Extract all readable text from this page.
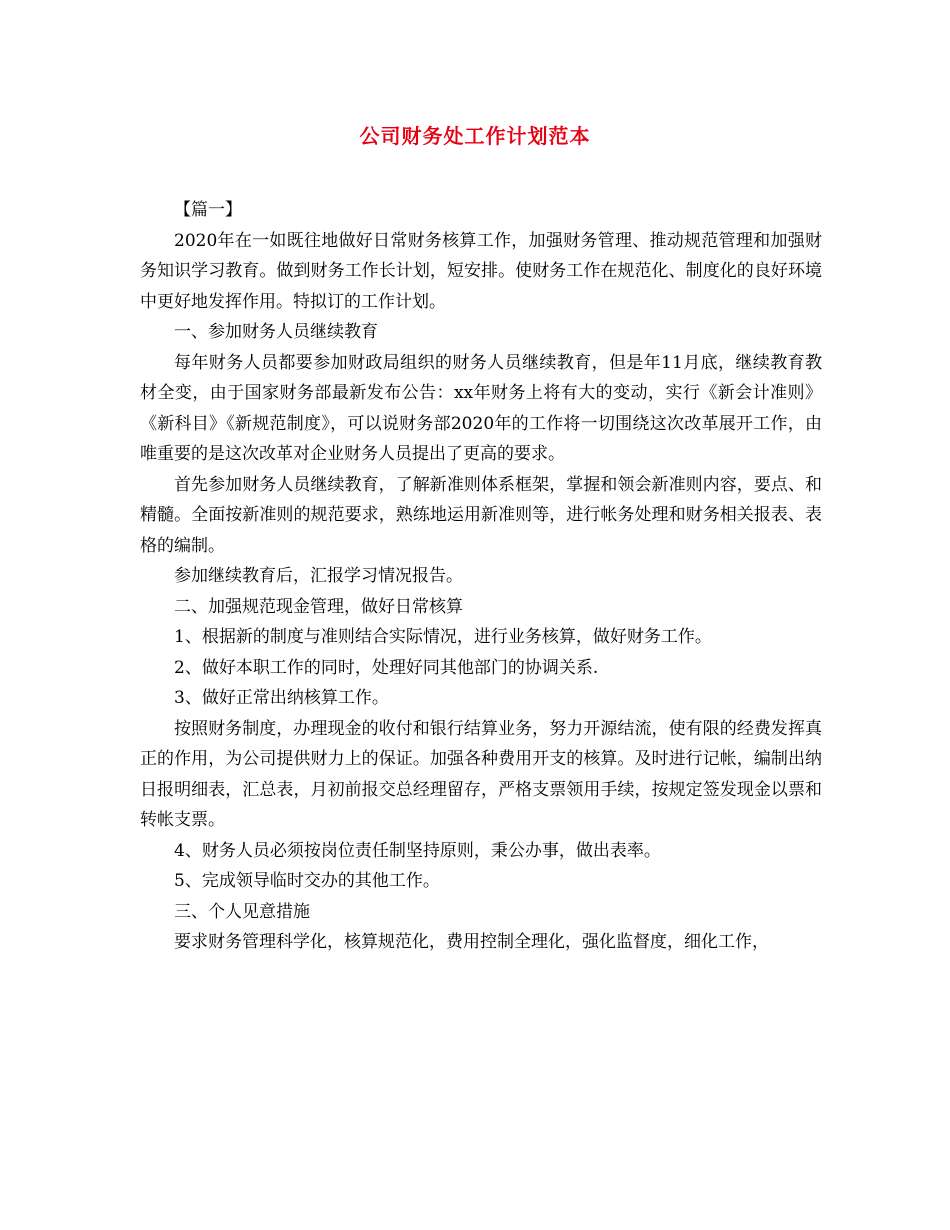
公司财务处工作计划范本

【篇一】

2020年在一如既往地做好日常财务核算工作，加强财务管理、推动规范管理和加强财务知识学习教育。做到财务工作长计划，短安排。使财务工作在规范化、制度化的良好环境中更好地发挥作用。特拟订的工作计划。

一、参加财务人员继续教育

每年财务人员都要参加财政局组织的财务人员继续教育，但是年11月底，继续教育教材全变，由于国家财务部最新发布公告：xx年财务上将有大的变动，实行《新会计准则》《新科目》《新规范制度》，可以说财务部2020年的工作将一切围绕这次改革展开工作，由唯重要的是这次改革对企业财务人员提出了更高的要求。

首先参加财务人员继续教育，了解新准则体系框架，掌握和领会新准则内容，要点、和精髓。全面按新准则的规范要求，熟练地运用新准则等，进行帐务处理和财务相关报表、表格的编制。

参加继续教育后，汇报学习情况报告。

二、加强规范现金管理，做好日常核算

1、根据新的制度与准则结合实际情况，进行业务核算，做好财务工作。

2、做好本职工作的同时，处理好同其他部门的协调关系.

3、做好正常出纳核算工作。

按照财务制度，办理现金的收付和银行结算业务，努力开源结流，使有限的经费发挥真正的作用，为公司提供财力上的保证。加强各种费用开支的核算。及时进行记帐，编制出纳日报明细表，汇总表，月初前报交总经理留存，严格支票领用手续，按规定签发现金以票和转帐支票。

4、财务人员必须按岗位责任制坚持原则，秉公办事，做出表率。

5、完成领导临时交办的其他工作。

三、个人见意措施

要求财务管理科学化，核算规范化，费用控制全理化，强化监督度，细化工作，
